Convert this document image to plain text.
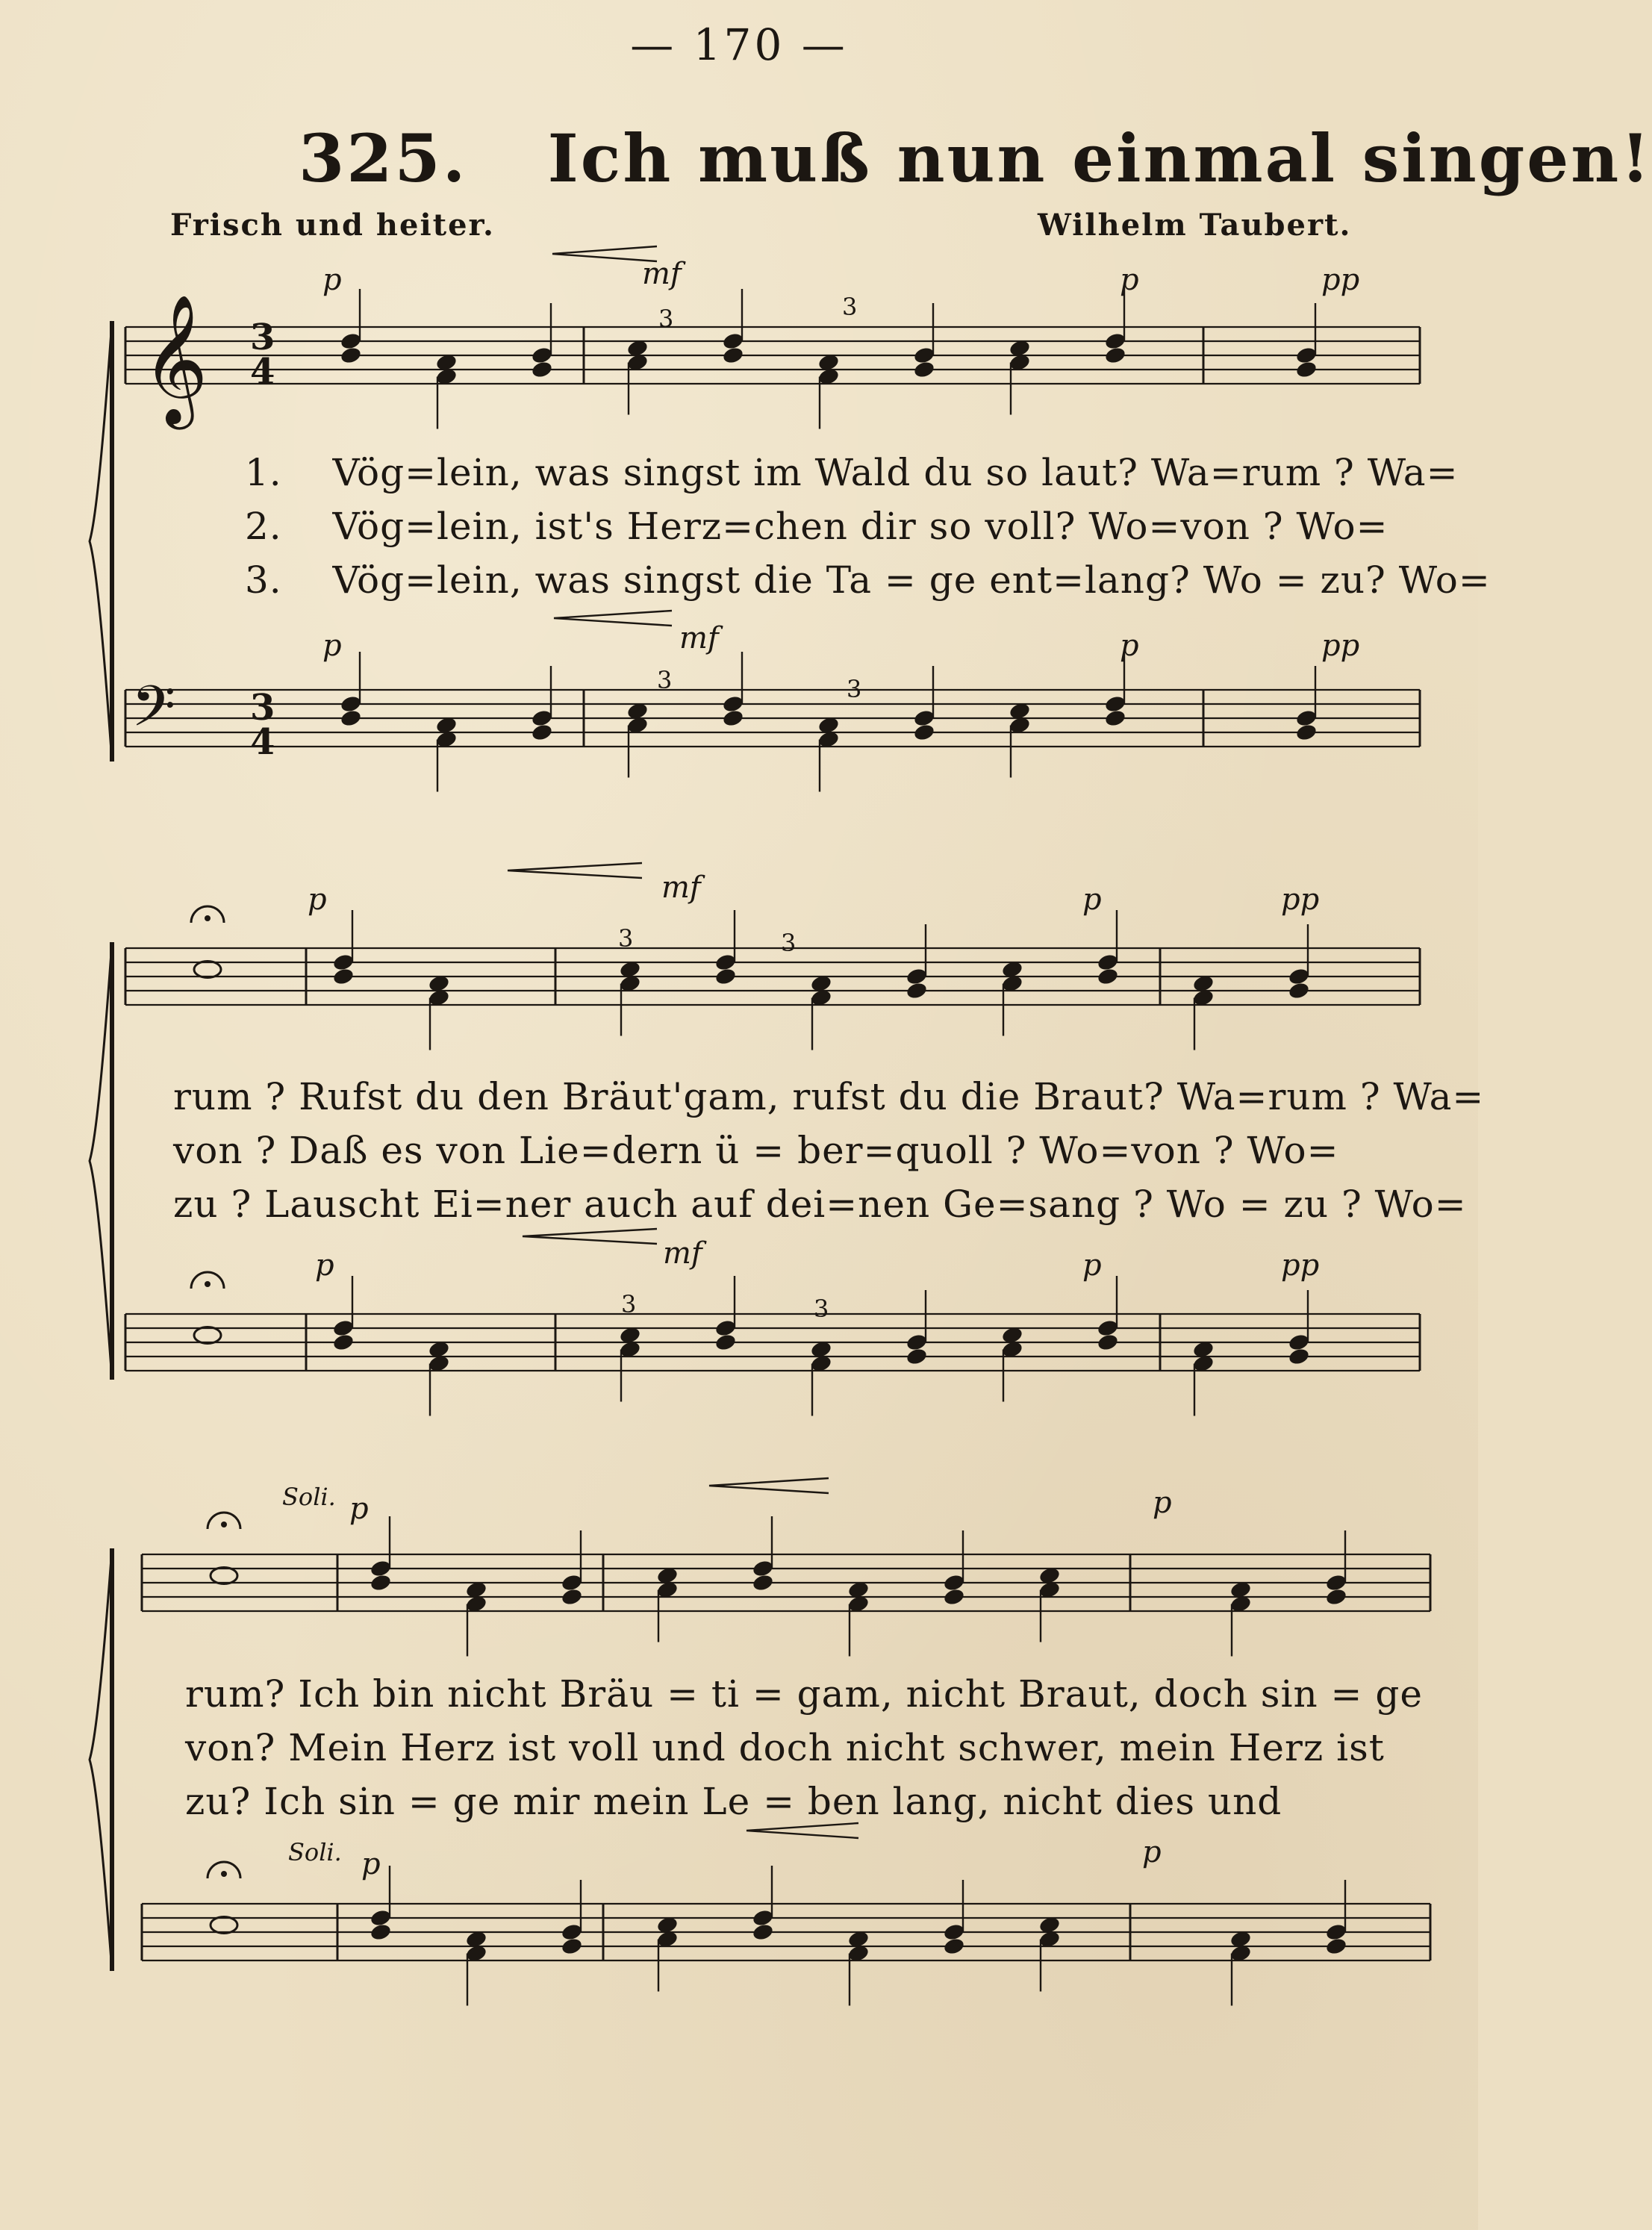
— 170 —
325. Ich muß nun einmal singen!
Frisch und heiter.	Wilhelm Taubert.
𝄞
𝄢
3
4
3
4
p	mf	p	pp
p	mf	p	pp
3	3
3	3
p	mf	p	pp
p	mf	p	pp
3	3
3	3
Soli. p	p
Soli. p	p
1. Vög=lein, was singst im Wald du so laut? Wa=rum ? Wa=
2. Vög=lein, ist's Herz=chen dir so voll? Wo=von ? Wo=
3. Vög=lein, was singst die Ta = ge ent=lang? Wo = zu? Wo=
rum ? Rufst du den Bräut'gam, rufst du die Braut? Wa=rum ? Wa=
von ? Daß es von Lie=dern ü = ber=quoll ? Wo=von ? Wo=
zu ? Lauscht Ei=ner auch auf dei=nen Ge=sang ? Wo = zu ? Wo=
rum? Ich bin nicht Bräu = ti = gam, nicht Braut, doch sin = ge
von? Mein Herz ist voll und doch nicht schwer, mein Herz ist
zu? Ich sin = ge mir mein Le = ben lang, nicht dies und
